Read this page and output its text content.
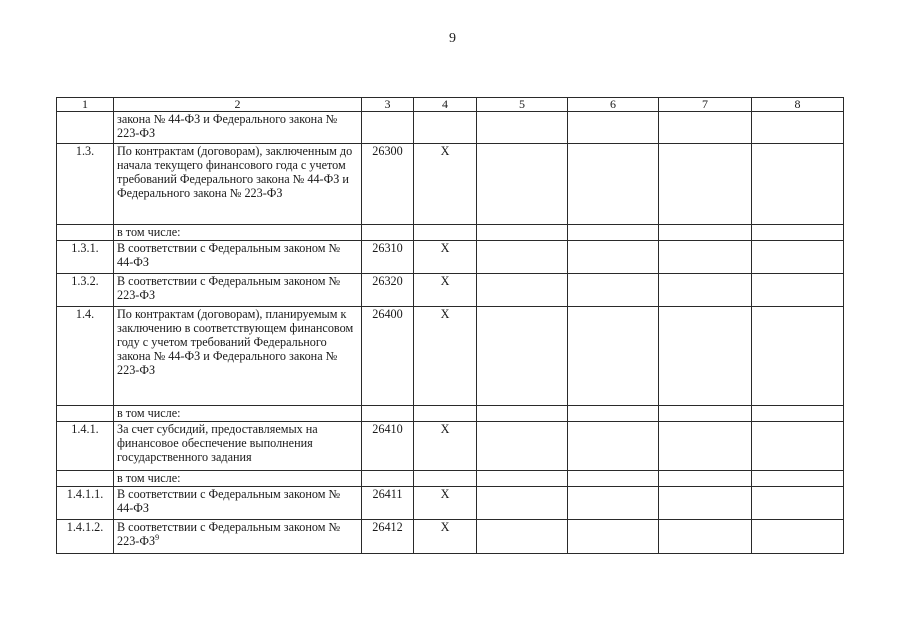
9
1	2	3	4	5	6	7	8
	закона № 44-ФЗ и Федерального закона № 223-ФЗ						
1.3.	По контрактам (договорам), заключенным до начала текущего финансового года с учетом требований Федерального закона № 44-ФЗ и Федерального закона № 223-ФЗ	26300	X				
	в том числе:						
1.3.1.	В соответствии с Федеральным законом № 44-ФЗ	26310	X				
1.3.2.	В соответствии с Федеральным законом № 223-ФЗ	26320	X				
1.4.	По контрактам (договорам), планируемым к заключению в соответствующем финансовом году с учетом требований Федерального закона № 44-ФЗ и Федерального закона № 223-ФЗ	26400	X				
	в том числе:						
1.4.1.	За счет субсидий, предоставляемых на финансовое обеспечение выполнения государственного задания	26410	X				
	в том числе:						
1.4.1.1.	В соответствии с Федеральным законом № 44-ФЗ	26411	X				
1.4.1.2.	В соответствии с Федеральным законом № $223-ФЗ^9$	26412	X				
